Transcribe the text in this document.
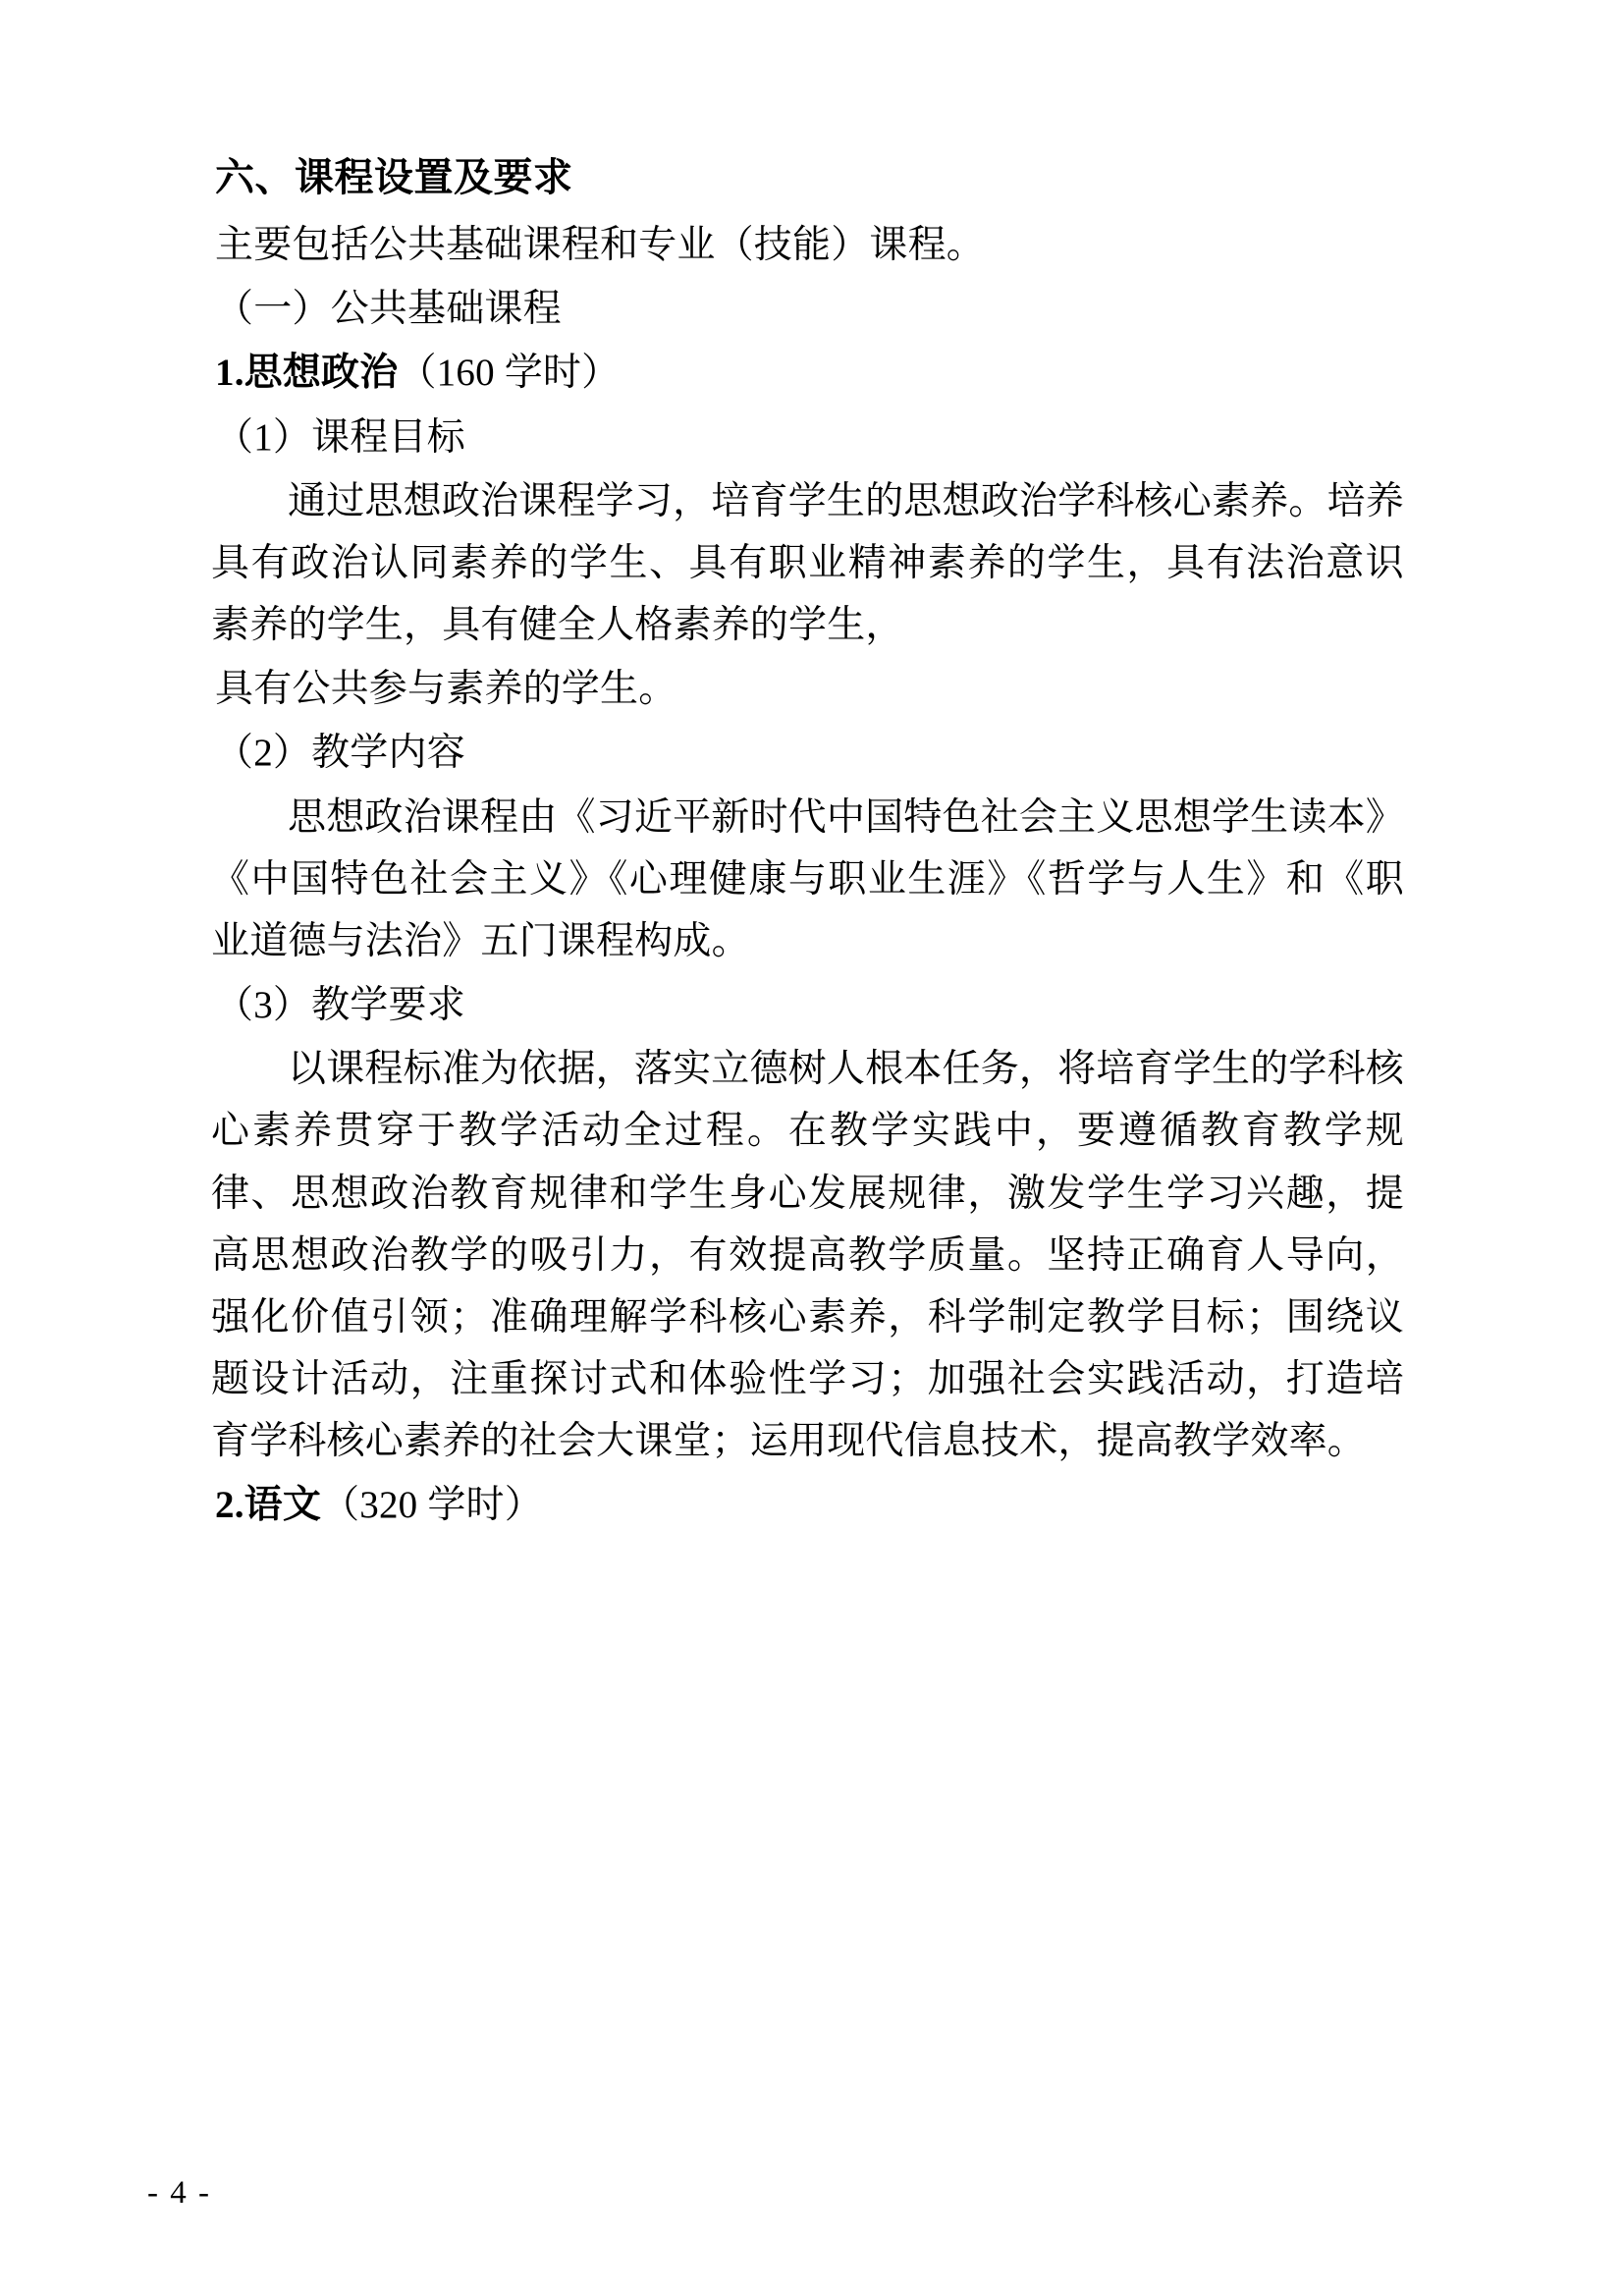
六、课程设置及要求

主要包括公共基础课程和专业（技能）课程。

（一）公共基础课程

1.思想政治（160 学时）

（1）课程目标

通过思想政治课程学习，培育学生的思想政治学科核心素养。培养具有政治认同素养的学生、具有职业精神素养的学生，具有法治意识素养的学生，具有健全人格素养的学生，

具有公共参与素养的学生。

（2）教学内容

思想政治课程由《习近平新时代中国特色社会主义思想学生读本》《中国特色社会主义》《心理健康与职业生涯》《哲学与人生》和《职业道德与法治》五门课程构成。

（3）教学要求

以课程标准为依据，落实立德树人根本任务，将培育学生的学科核心素养贯穿于教学活动全过程。在教学实践中，要遵循教育教学规律、思想政治教育规律和学生身心发展规律，激发学生学习兴趣，提高思想政治教学的吸引力，有效提高教学质量。坚持正确育人导向，强化价值引领；准确理解学科核心素养，科学制定教学目标；围绕议题设计活动，注重探讨式和体验性学习；加强社会实践活动，打造培育学科核心素养的社会大课堂；运用现代信息技术，提高教学效率。

2.语文（320 学时）

- 4 -
